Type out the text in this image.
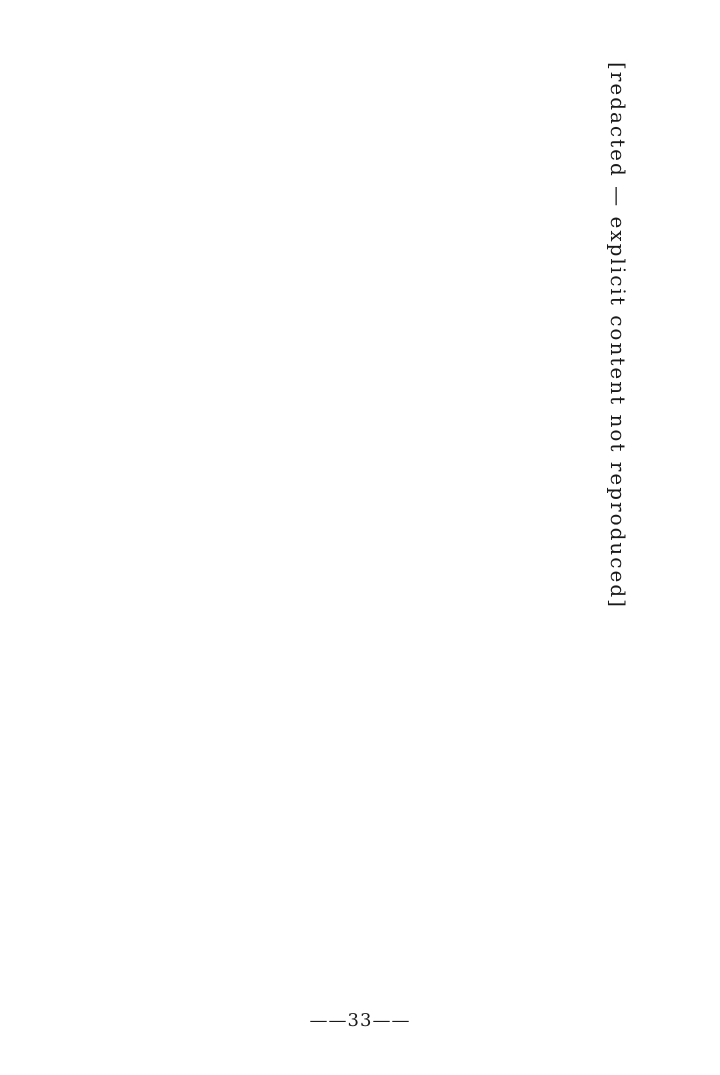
[redacted — explicit content not reproduced]
——33——
